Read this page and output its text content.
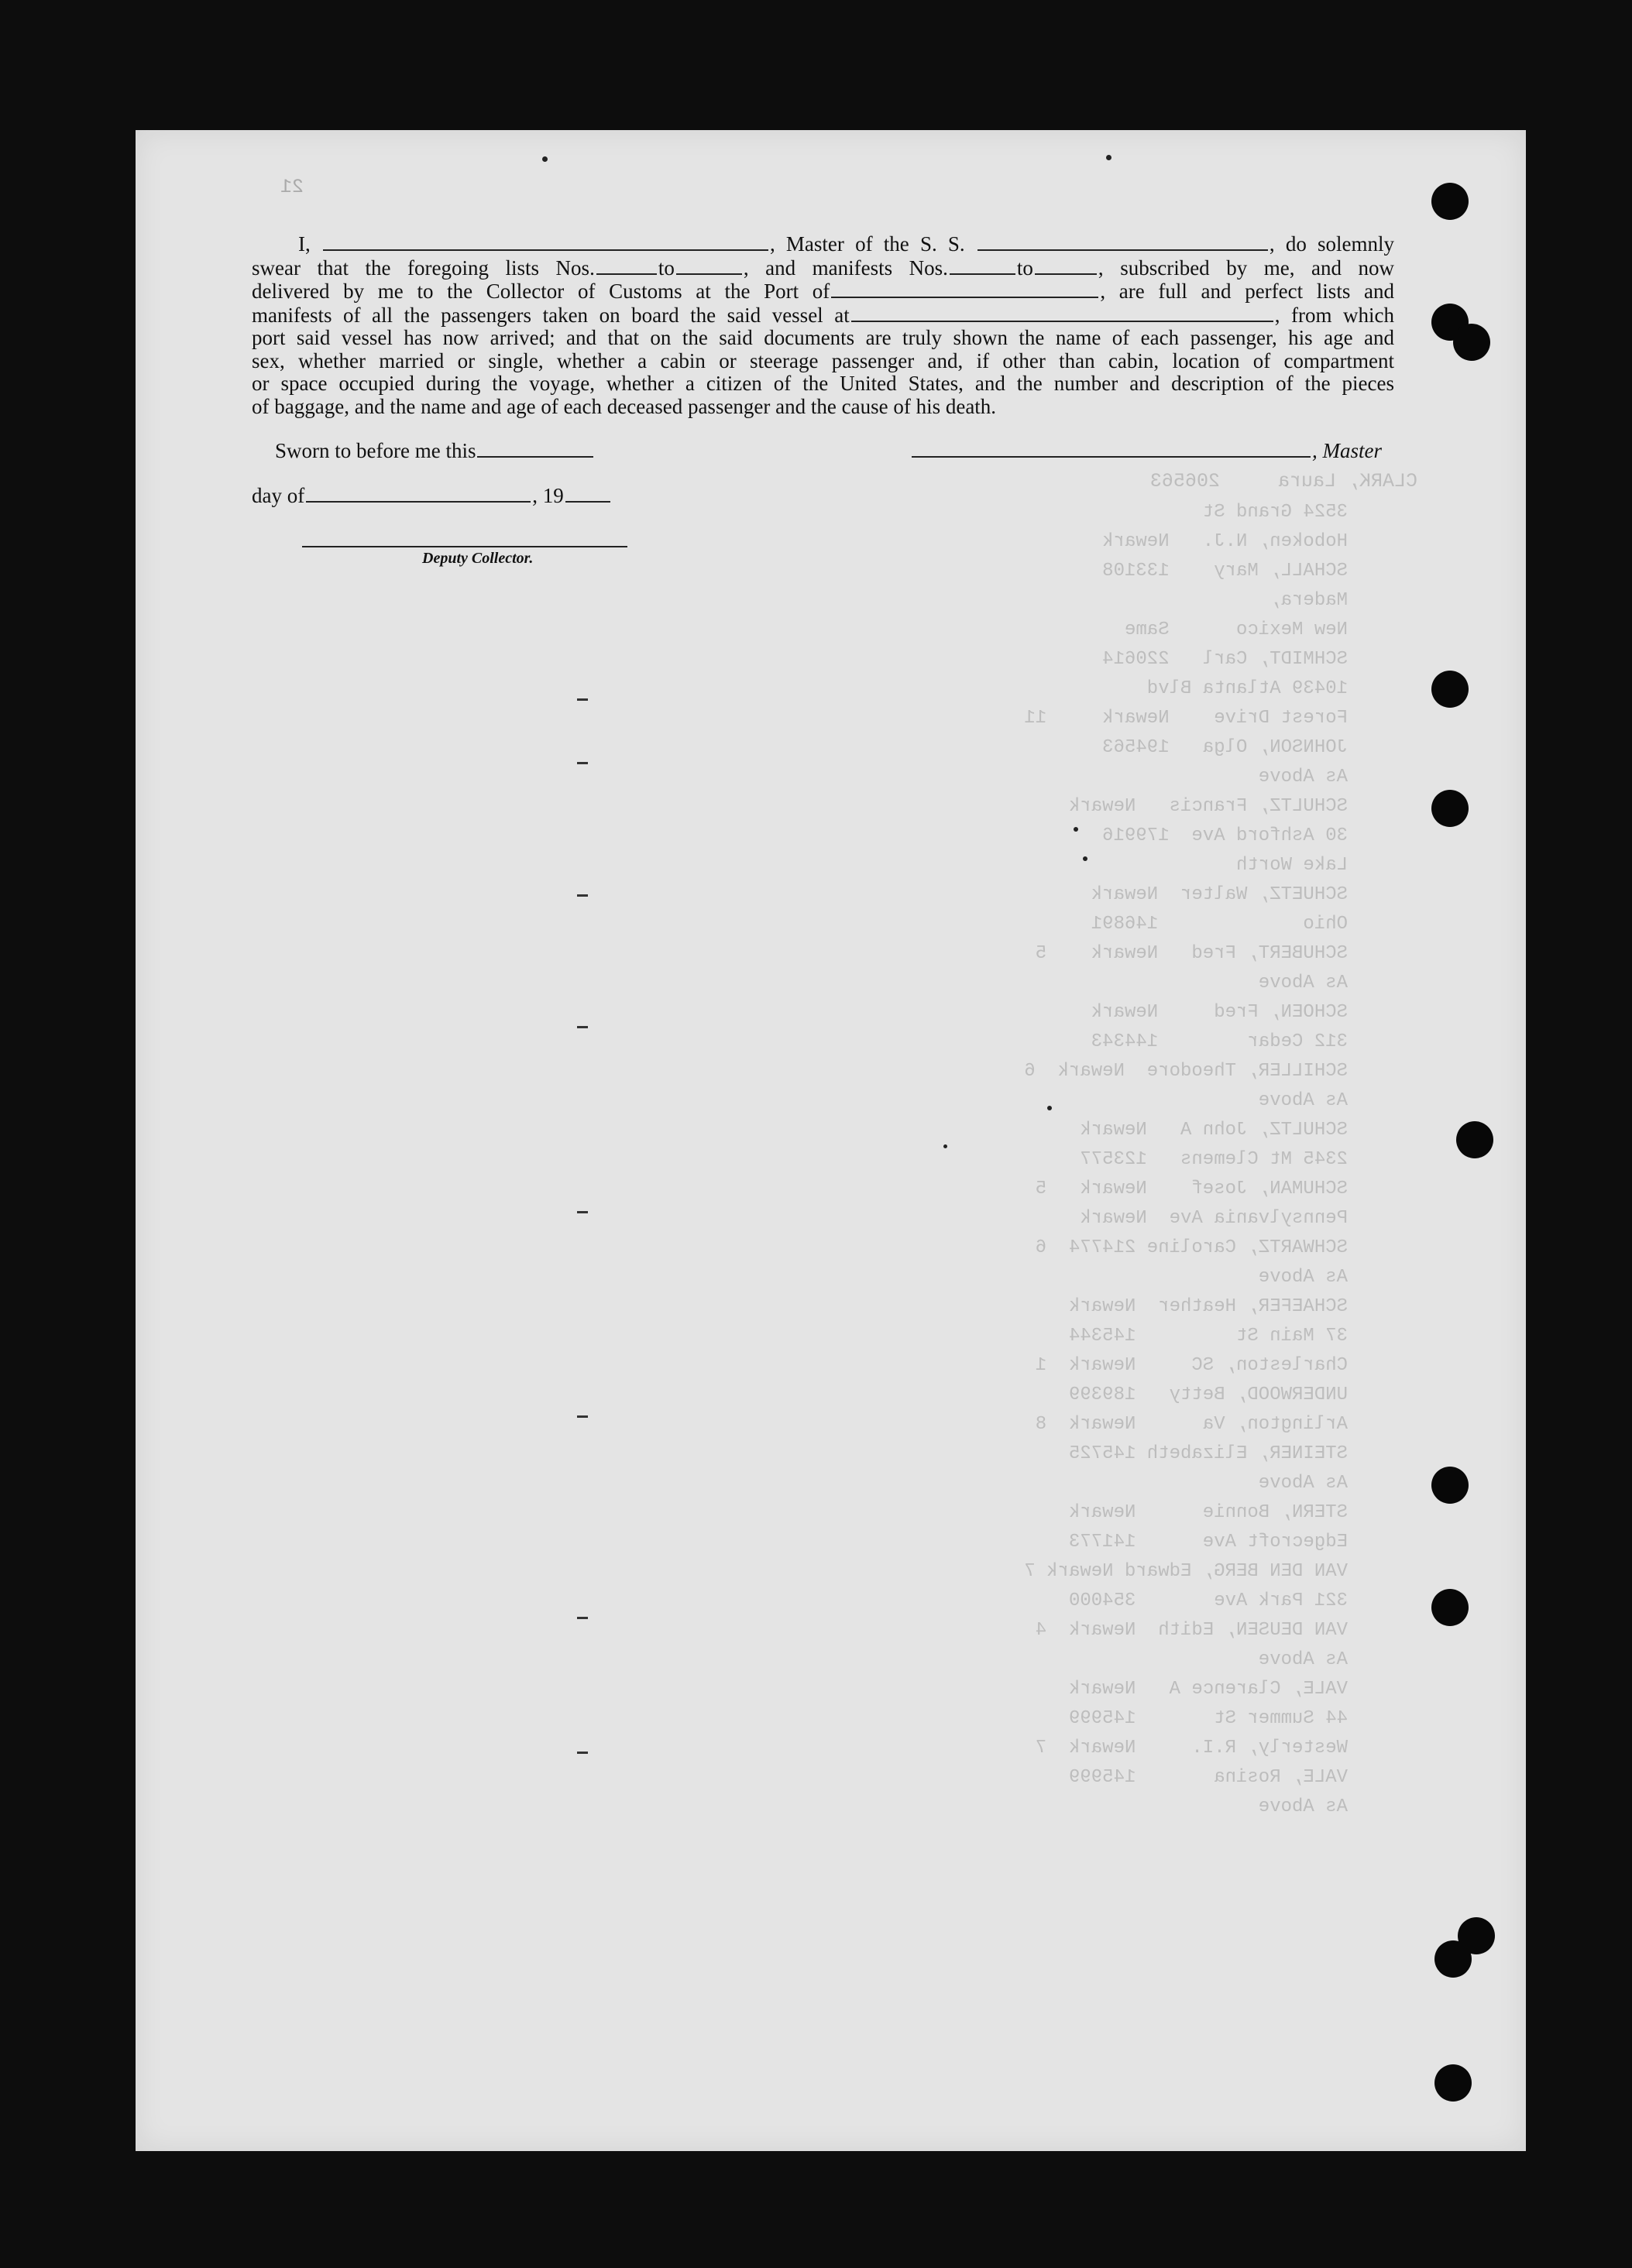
CLARK, Laura     206563

3524 Grand St
Hoboken, N.J.   Newark
SCHALL, Mary    133108
Madera,
New Mexico      Same
SCHMIDT, Carl   220614
10439 Atlanta Blvd
Forest Drive    Newark     11
JOHNSON, Olga   194563
As Above
SCHULTZ, Francis   Newark
30 Ashford Ave  179916
Lake Worth
SCHUETZ, Walter  Newark
Ohio             146891
SCHUBERT, Fred   Newark    5
As Above
SCHOEN, Fred     Newark
312 Cedar        144343
SCHILLER, Theodore  Newark  6
As Above
SCHULTZ, John A   Newark
2345 Mt Clemens   123577
SCHUMAN, Josef    Newark   5
Pennsylvania Ave  Newark
SCHWARTZ, Caroline 214774  6
As Above
SCHAEFER, Heather  Newark
37 Main St         145344
Charleston, SC     Newark  1
UNDERWOOD, Betty   189399
Arlington, Va      Newark  8
STEINER, Elizabeth 145725
As Above
STERN, Bonnie      Newark
Edgecroft Ave      141773
VAN DEN BERG, Edward Newark 7
321 Park Ave       354000
VAN DEUSEN, Edith  Newark  4
As Above
VALE, Clarence A   Newark
44 Summer St       145999
Westerly, R.I.     Newark  7
VALE, Rosina       145999
As Above

21
I,	, Master of the S. S.	, do solemnly
swear that the foregoing lists Nos.	to	, and manifests Nos.	to	, subscribed by me, and now
delivered by me to the Collector of Customs at the Port of	, are full and perfect lists and
manifests of all the passengers taken on board the said vessel at	, from which
port said vessel has now arrived; and that on the said documents are truly shown the name of each passenger, his age and
sex, whether married or single, whether a cabin or steerage passenger and, if other than cabin, location of compartment
or space occupied during the voyage, whether a citizen of the United States, and the number and description of the pieces
of baggage, and the name and age of each deceased passenger and the cause of his death.
Sworn to before me this	, Master
day of	, 19
Deputy Collector.
